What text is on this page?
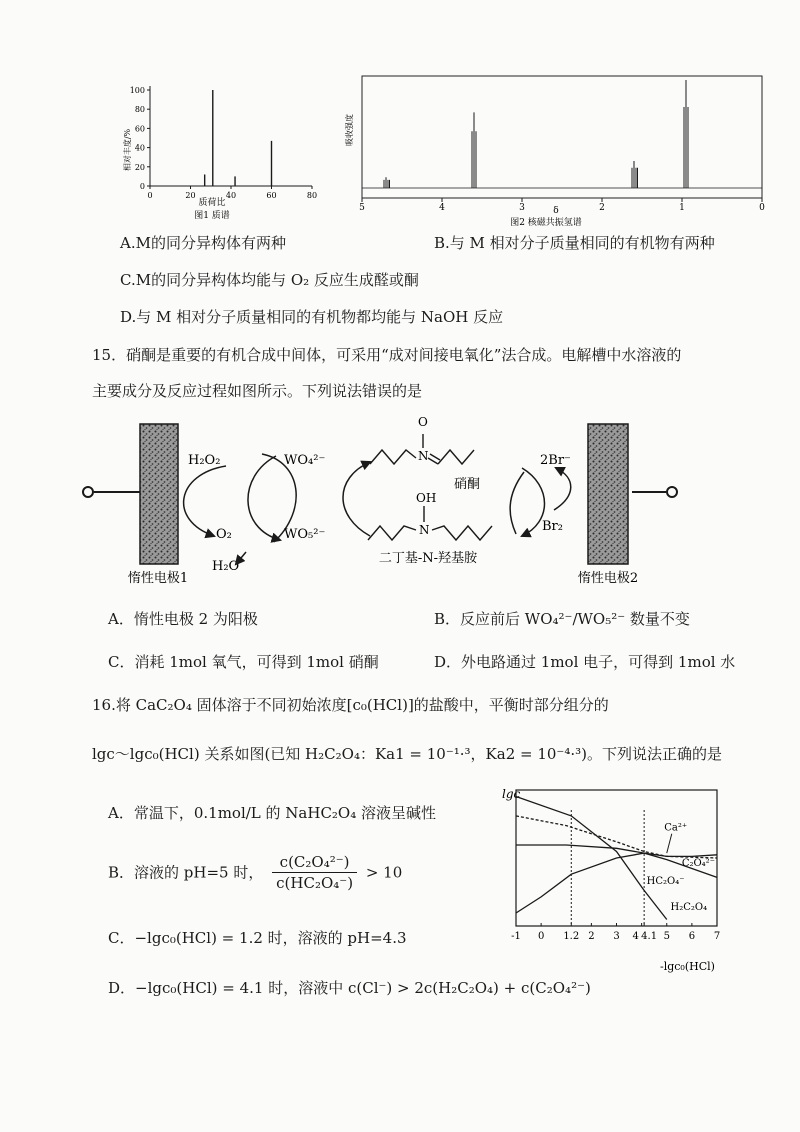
100
80
60
40
20
0
0	20	40	60	80
相对丰度/%
质荷比
图1 质谱
5	4	3	2	1	0
吸收强度
δ
图2 核磁共振氢谱
A.M的同分异构体有两种	B.与 M 相对分子质量相同的有机物有两种
C.M的同分异构体均能与 O₂ 反应生成醛或酮
D.与 M 相对分子质量相同的有机物都均能与 NaOH 反应
15．硝酮是重要的有机合成中间体，可采用“成对间接电氧化”法合成。电解槽中水溶液的
主要成分及反应过程如图所示。下列说法错误的是
惰性电极1	惰性电极2
H₂O₂
O₂
H₂O
WO₄²⁻
WO₅²⁻
N
O
硝酮
N
OH
二丁基-N-羟基胺
2Br⁻
Br₂
A．惰性电极 2 为阳极	B．反应前后 WO₄²⁻/WO₅²⁻ 数量不变
C．消耗 1mol 氧气，可得到 1mol 硝酮	D．外电路通过 1mol 电子，可得到 1mol 水
16.将 CaC₂O₄ 固体溶于不同初始浓度[c₀(HCl)]的盐酸中，平衡时部分组分的
lgc～lgc₀(HCl) 关系如图(已知 H₂C₂O₄：Ka1 = 10⁻¹·³，Ka2 = 10⁻⁴·³)。下列说法正确的是
A．常温下，0.1mol/L 的 NaHC₂O₄ 溶液呈碱性
B．溶液的 pH=5 时， $\frac{\text{c(C₂O₄²⁻)}}{\text{c(HC₂O₄⁻)}} > 10$
C．−lgc₀(HCl) = 1.2 时，溶液的 pH=4.3
D．−lgc₀(HCl) = 4.1 时，溶液中 c(Cl⁻) > 2c(H₂C₂O₄) + c(C₂O₄²⁻)
lgc
-1 0 1.2 2 3 4 4.1 5 6 7
Ca²⁺
C₂O₄²⁻
HC₂O₄⁻
H₂C₂O₄
-lgc₀(HCl)
